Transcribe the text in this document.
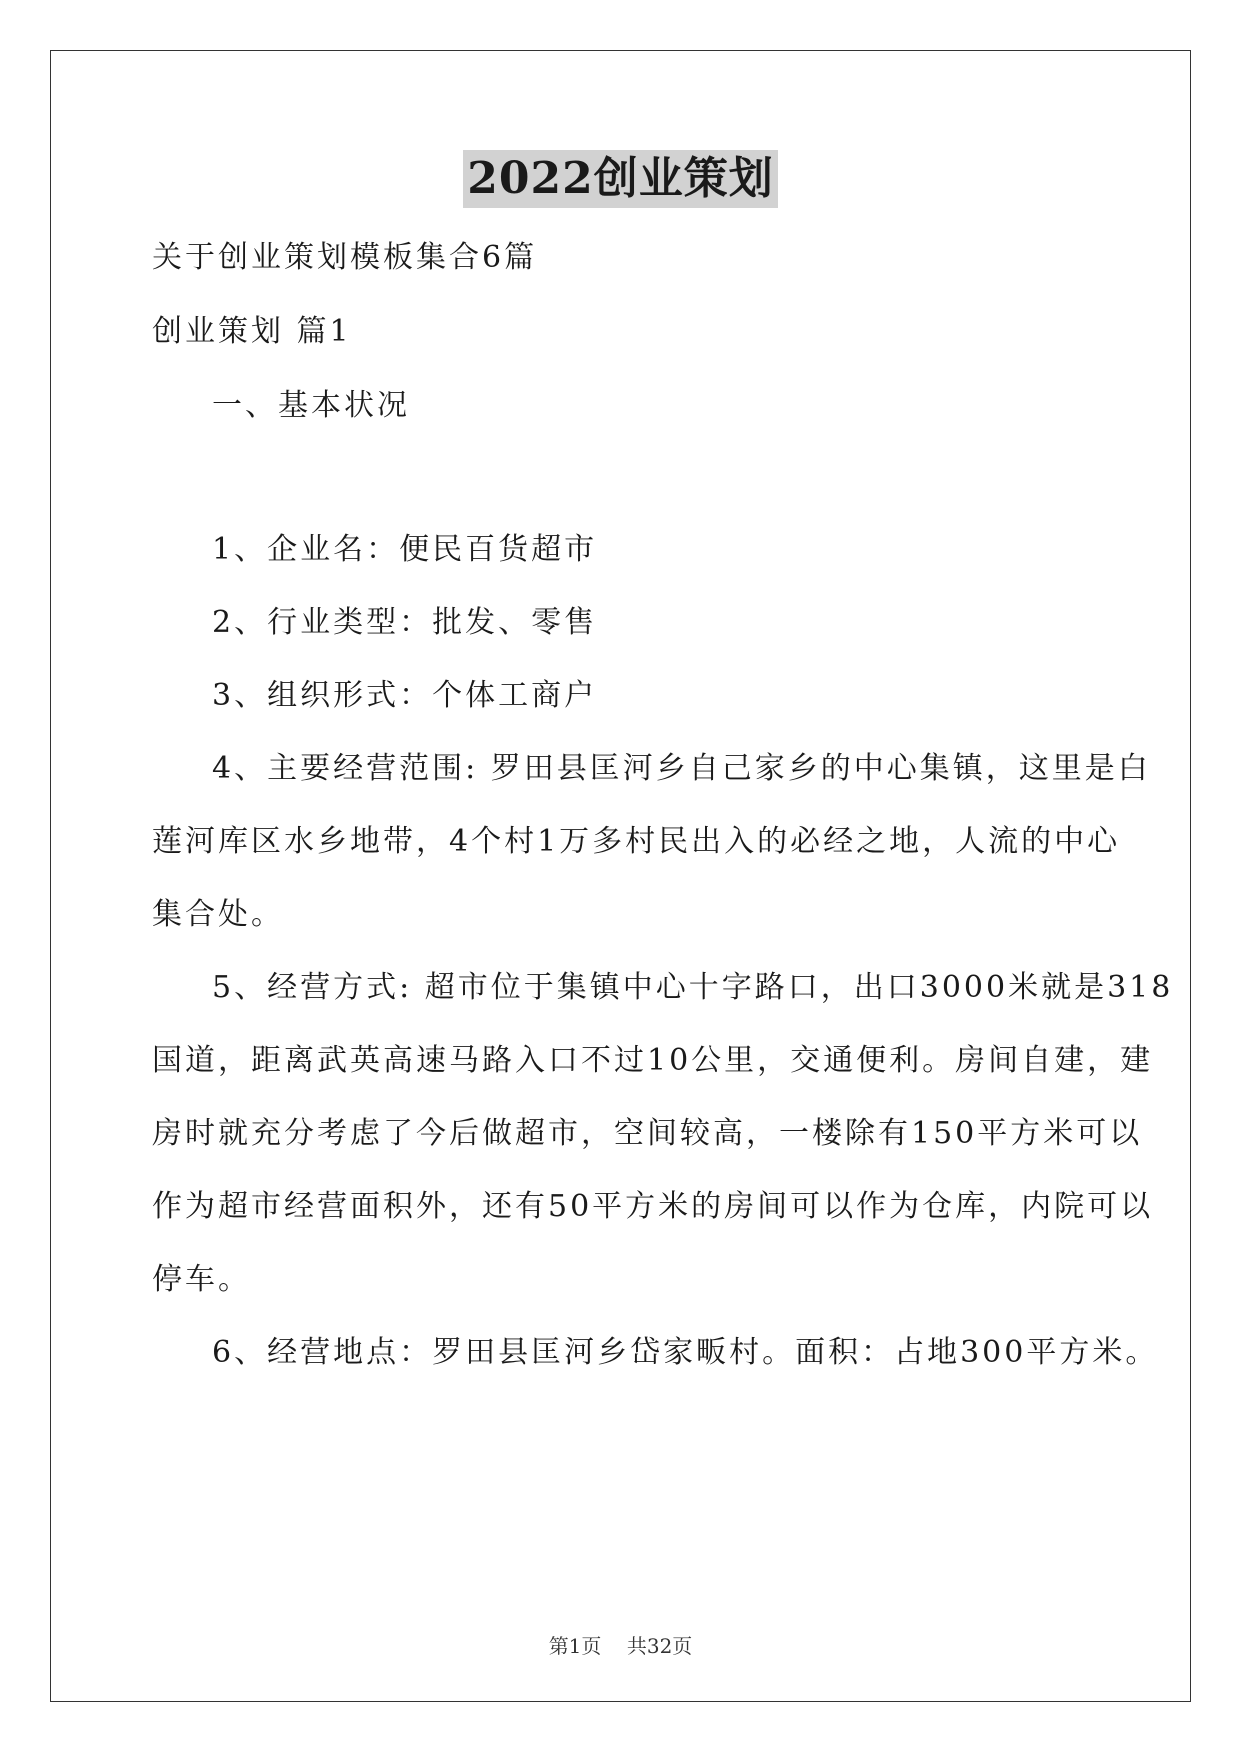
2022创业策划
关于创业策划模板集合6篇
创业策划 篇1
一、基本状况
1、企业名：便民百货超市
2、行业类型：批发、零售
3、组织形式：个体工商户
4、主要经营范围: 罗田县匡河乡自己家乡的中心集镇，这里是白
莲河库区水乡地带，4个村1万多村民出入的必经之地，人流的中心
集合处。
5、经营方式: 超市位于集镇中心十字路口，出口3000米就是318
国道，距离武英高速马路入口不过10公里，交通便利。房间自建，建
房时就充分考虑了今后做超市，空间较高，一楼除有150平方米可以
作为超市经营面积外，还有50平方米的房间可以作为仓库，内院可以
停车。
6、经营地点：罗田县匡河乡岱家畈村。面积：占地300平方米。
第1页 共32页
